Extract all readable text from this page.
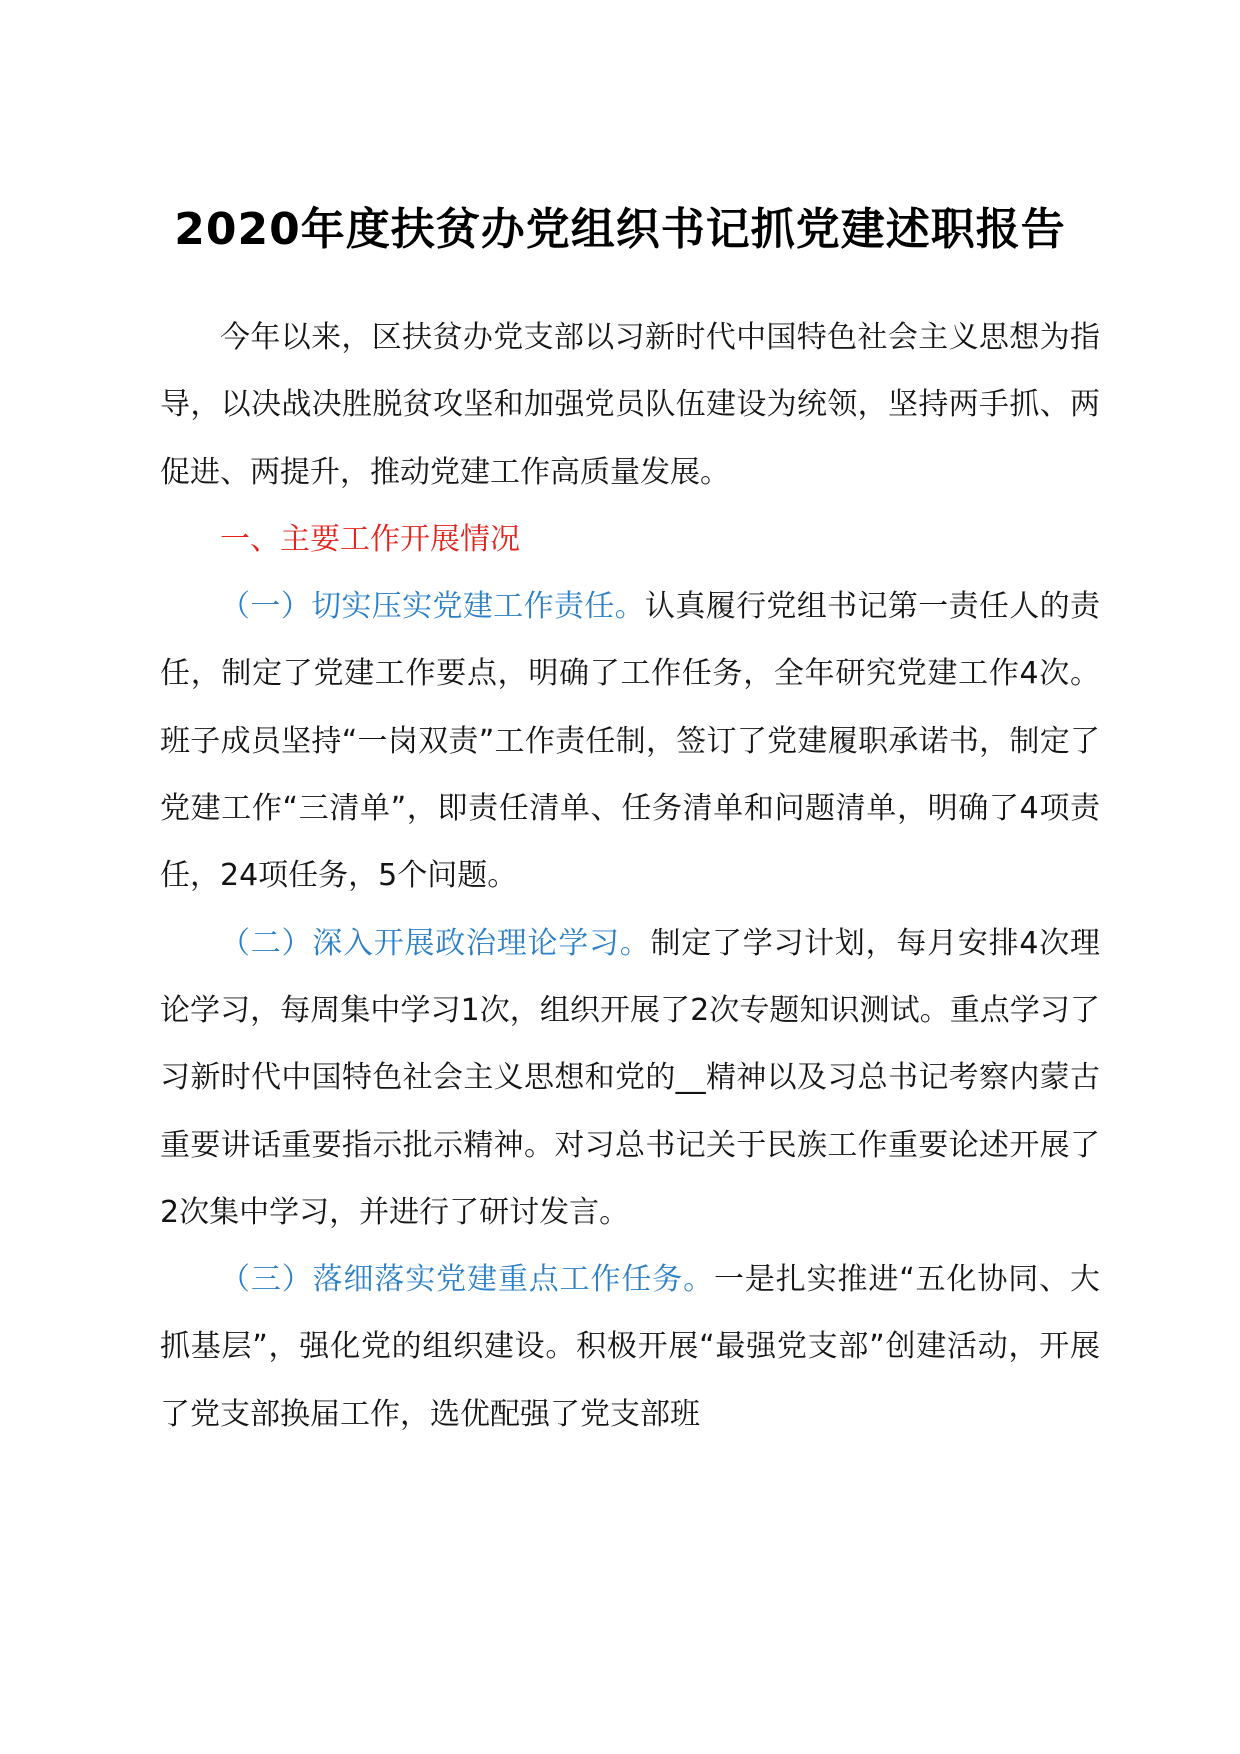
2020年度扶贫办党组织书记抓党建述职报告

今年以来，区扶贫办党支部以习新时代中国特色社会主义思想为指导，以决战决胜脱贫攻坚和加强党员队伍建设为统领，坚持两手抓、两促进、两提升，推动党建工作高质量发展。

一、主要工作开展情况

（一）切实压实党建工作责任。认真履行党组书记第一责任人的责任，制定了党建工作要点，明确了工作任务，全年研究党建工作4次。班子成员坚持“一岗双责”工作责任制，签订了党建履职承诺书，制定了党建工作“三清单”，即责任清单、任务清单和问题清单，明确了4项责任，24项任务，5个问题。

（二）深入开展政治理论学习。制定了学习计划，每月安排4次理论学习，每周集中学习1次，组织开展了2次专题知识测试。重点学习了习新时代中国特色社会主义思想和党的__精神以及习总书记考察内蒙古重要讲话重要指示批示精神。对习总书记关于民族工作重要论述开展了2次集中学习，并进行了研讨发言。

（三）落细落实党建重点工作任务。一是扎实推进“五化协同、大抓基层”，强化党的组织建设。积极开展“最强党支部”创建活动，开展了党支部换届工作，选优配强了党支部班
